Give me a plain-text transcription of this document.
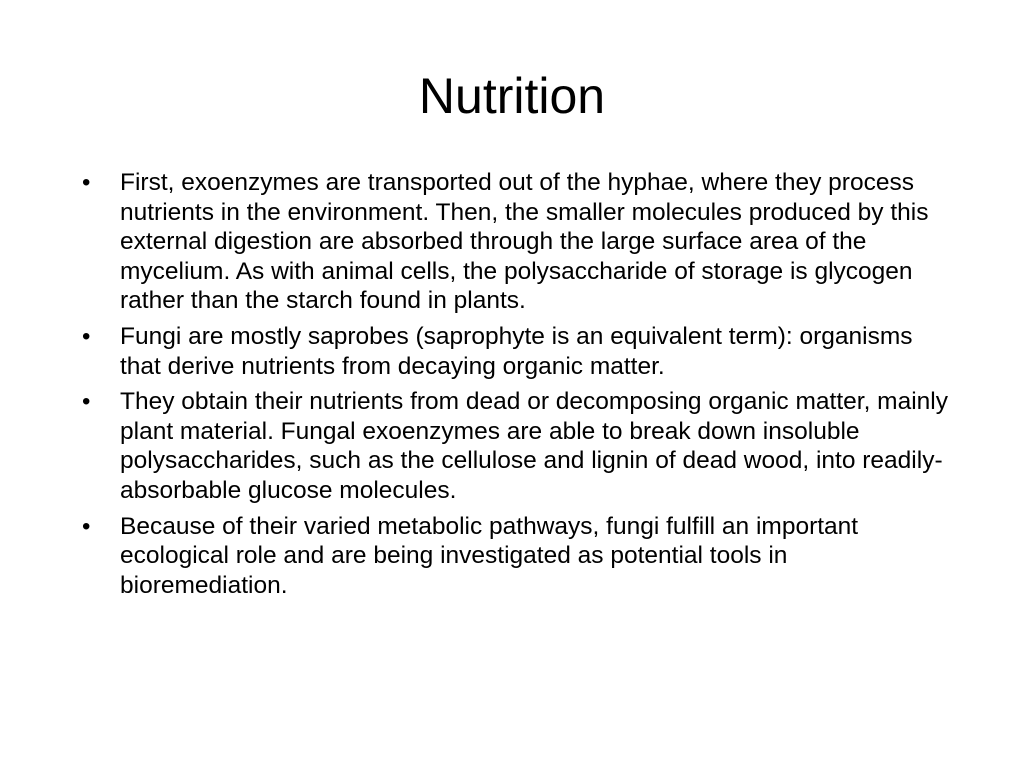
Nutrition
• First, exoenzymes are transported out of the hyphae, where they process nutrients in the environment. Then, the smaller molecules produced by this external digestion are absorbed through the large surface area of the mycelium. As with animal cells, the polysaccharide of storage is glycogen rather than the starch found in plants.
• Fungi are mostly saprobes (saprophyte is an equivalent term): organisms that derive nutrients from decaying organic matter.
• They obtain their nutrients from dead or decomposing organic matter, mainly plant material. Fungal exoenzymes are able to break down insoluble polysaccharides, such as the cellulose and lignin of dead wood, into readily-absorbable glucose molecules.
• Because of their varied metabolic pathways, fungi fulfill an important ecological role and are being investigated as potential tools in bioremediation.
